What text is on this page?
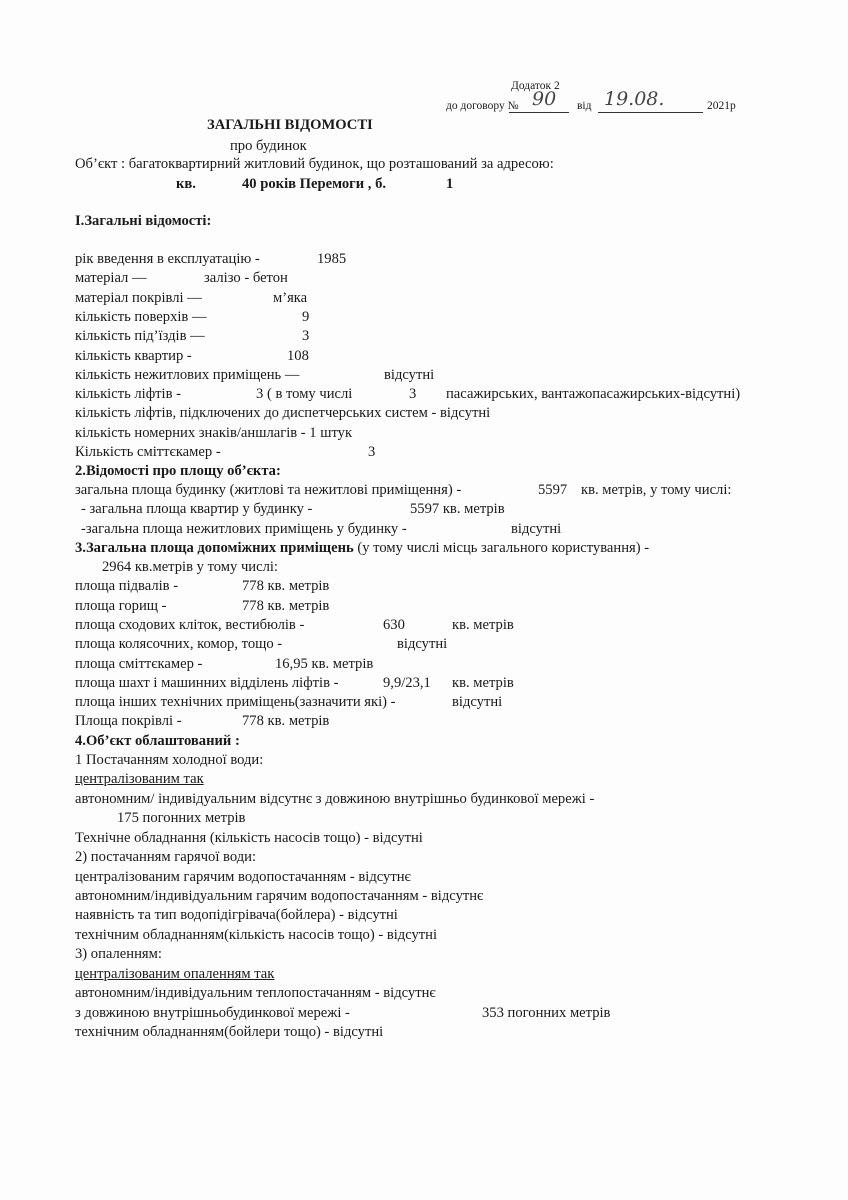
Додаток 2
до договору № 90 від 19.08.	2021р
ЗАГАЛЬНІ ВІДОМОСТІ
про будинок
Об’єкт : багатоквартирний житловий будинок, що розташований за адресою:
кв.	40 років Перемоги , б.	1
І.Загальні відомості:
рік введення в експлуатацію -	1985
матеріал —	залізо - бетон
матеріал покрівлі —	м’яка
кількість поверхів —	9
кількість під’їздів —	3
кількість квартир -	108
кількість нежитлових приміщень —	відсутні
кількість ліфтів -	3 ( в тому числі	3 пасажирських, вантажопасажирських-відсутні)
кількість ліфтів, підключених до диспетчерських систем - відсутні
кількість номерних знаків/аншлагів - 1 штук
Кількість сміттєкамер -	3
2.Відомості про площу об’єкта:
загальна площа будинку (житлові та нежитлові приміщення) -	5597 кв. метрів, у тому числі:
- загальна площа квартир у будинку -	5597 кв. метрів
-загальна площа нежитлових приміщень у будинку -	відсутні
3.Загальна площа допоміжних приміщень (у тому числі місць загального користування) -
2964 кв.метрів у тому числі:
площа підвалів -	778 кв. метрів
площа горищ -	778 кв. метрів
площа сходових кліток, вестибюлів -	630	кв. метрів
площа колясочних, комор, тощо -	відсутні
площа сміттєкамер -	16,95 кв. метрів
площа шахт і машинних відділень ліфтів -	9,9/23,1 кв. метрів
площа інших технічних приміщень(зазначити які) -	відсутні
Площа покрівлі -	778 кв. метрів
4.Об’єкт облаштований :
1 Постачанням холодної води:
централізованим так
автономним/ індивідуальним відсутнє з довжиною внутрішньо будинкової мережі -
175 погонних метрів
Технічне обладнання (кількість насосів тощо) - відсутні
2) постачанням гарячої води:
централізованим гарячим водопостачанням - відсутнє
автономним/індивідуальним гарячим водопостачанням - відсутнє
наявність та тип водопідігрівача(бойлера) - відсутні
технічним обладнанням(кількість насосів тощо) - відсутні
3) опаленням:
централізованим опаленням так
автономним/індивідуальним теплопостачанням - відсутнє
з довжиною внутрішньобудинкової мережі -	353 погонних метрів
технічним обладнанням(бойлери тощо) - відсутні
